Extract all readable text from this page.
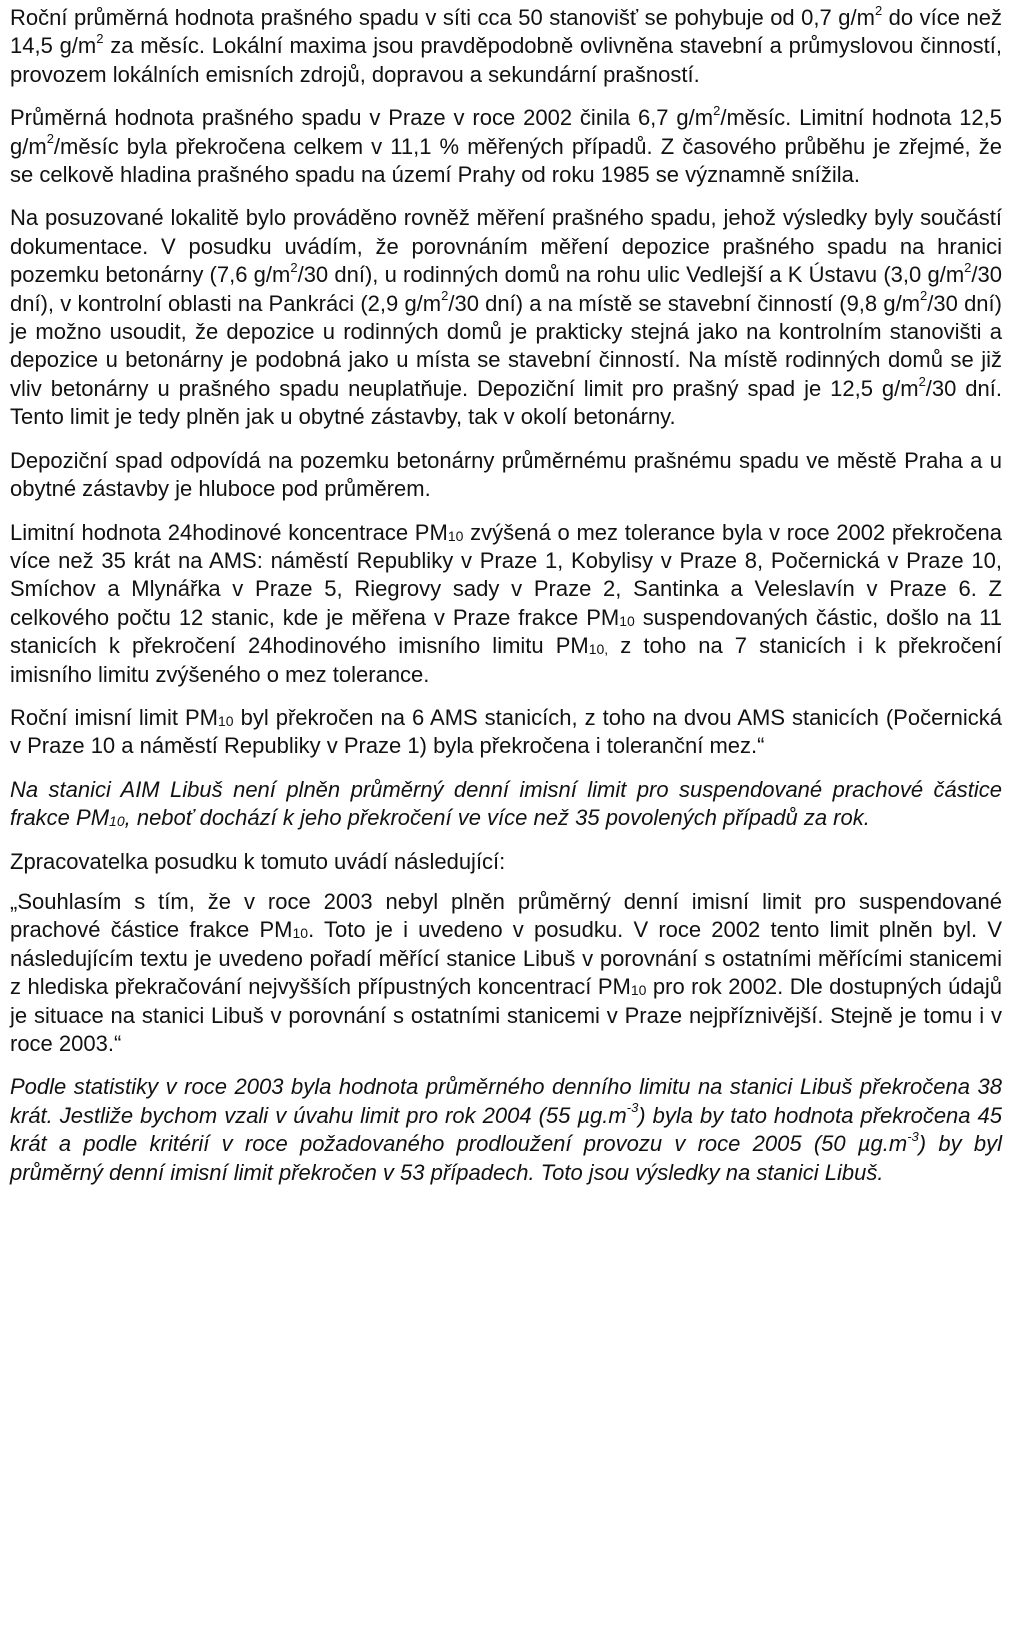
Roční průměrná hodnota prašného spadu v síti cca 50 stanovišť se pohybuje od 0,7 $g/m^2$ do více než 14,5 $g/m^2$ za měsíc. Lokální maxima jsou pravděpodobně ovlivněna stavební a průmyslovou činností, provozem lokálních emisních zdrojů, dopravou a sekundární prašností.

Průměrná hodnota prašného spadu v Praze v roce 2002 činila 6,7 $g/m^2$/měsíc. Limitní hodnota 12,5 $g/m^2$/měsíc byla překročena celkem v 11,1 % měřených případů. Z časového průběhu je zřejmé, že se celkově hladina prašného spadu na území Prahy od roku 1985 se významně snížila.

Na posuzované lokalitě bylo prováděno rovněž měření prašného spadu, jehož výsledky byly součástí dokumentace. V posudku uvádím, že porovnáním měření depozice prašného spadu na hranici pozemku betonárny (7,6 $g/m^2/30$ dní), u rodinných domů na rohu ulic Vedlejší a K Ústavu (3,0 $g/m^2/30$ dní), v kontrolní oblasti na Pankráci (2,9 $g/m^2/30$ dní) a na místě se stavební činností (9,8 $g/m^2/30$ dní) je možno usoudit, že depozice u rodinných domů je prakticky stejná jako na kontrolním stanovišti a depozice u betonárny je podobná jako u místa se stavební činností. Na místě rodinných domů se již vliv betonárny u prašného spadu neuplatňuje. Depoziční limit pro prašný spad je 12,5 $g/m^2/30$ dní. Tento limit je tedy plněn jak u obytné zástavby, tak v okolí betonárny.

Depoziční spad odpovídá na pozemku betonárny průměrnému prašnému spadu ve městě Praha a u obytné zástavby je hluboce pod průměrem.

Limitní hodnota 24hodinové koncentrace $PM_{10}$ zvýšená o mez tolerance byla v roce 2002 překročena více než 35 krát na AMS: náměstí Republiky v Praze 1, Kobylisy v Praze 8, Počernická v Praze 10, Smíchov a Mlynářka v Praze 5, Riegrovy sady v Praze 2, Santinka a Veleslavín v Praze 6. Z celkového počtu 12 stanic, kde je měřena v Praze frakce $PM_{10}$ suspendovaných částic, došlo na 11 stanicích k překročení 24hodinového imisního limitu $PM_{10,}$ z toho na 7 stanicích i k překročení imisního limitu zvýšeného o mez tolerance.

Roční imisní limit $PM_{10}$ byl překročen na 6 AMS stanicích, z toho na dvou AMS stanicích (Počernická v Praze 10 a náměstí Republiky v Praze 1) byla překročena i toleranční mez.“

Na stanici AIM Libuš není plněn průměrný denní imisní limit pro suspendované prachové částice frakce $PM_{10}$, neboť dochází k jeho překročení ve více než 35 povolených případů za rok.

Zpracovatelka posudku k tomuto uvádí následující:

„Souhlasím s tím, že v roce 2003 nebyl plněn průměrný denní imisní limit pro suspendované prachové částice frakce $PM_{10}$. Toto je i uvedeno v posudku. V roce 2002 tento limit plněn byl. V následujícím textu je uvedeno pořadí měřící stanice Libuš v porovnání s ostatními měřícími stanicemi z hlediska překračování nejvyšších přípustných koncentrací $PM_{10}$ pro rok 2002. Dle dostupných údajů je situace na stanici Libuš v porovnání s ostatními stanicemi v Praze nejpříznivější. Stejně je tomu i v roce 2003.“

Podle statistiky v roce 2003 byla hodnota průměrného denního limitu na stanici Libuš překročena 38 krát. Jestliže bychom vzali v úvahu limit pro rok 2004 (55 $\mu g.m^{-3}$) byla by tato hodnota překročena 45 krát a podle kritérií v roce požadovaného prodloužení provozu v roce 2005 (50 $\mu g.m^{-3}$) by byl průměrný denní imisní limit překročen v 53 případech. Toto jsou výsledky na stanici Libuš.
